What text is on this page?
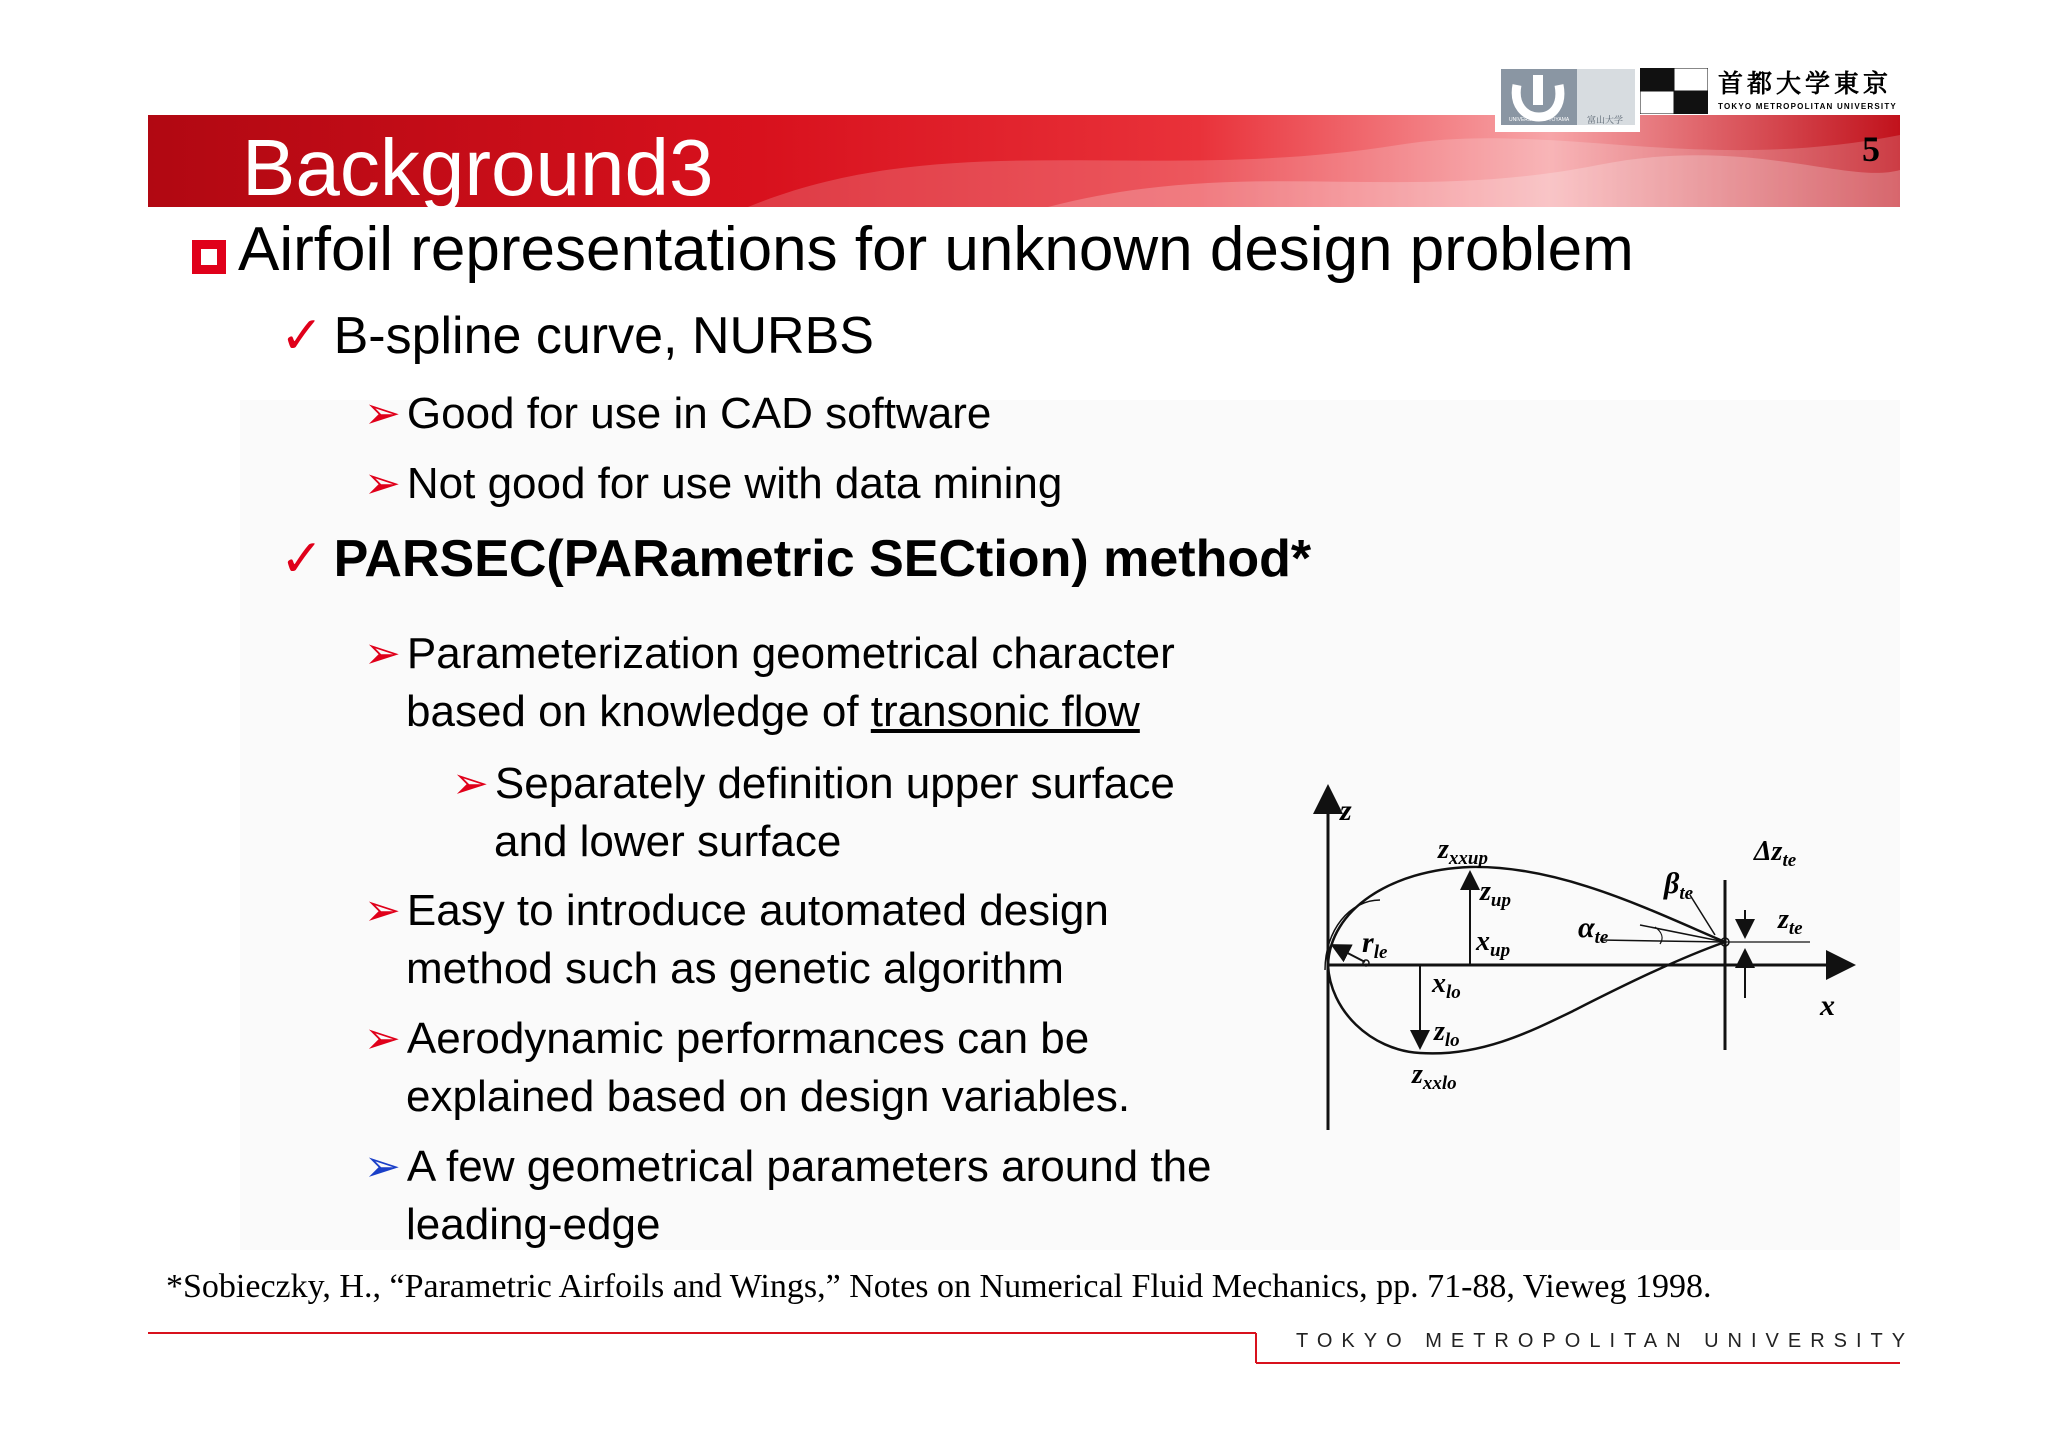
Background3	5
UNIVERSITY OF TOYAMA 富山大学
首都大学東京
TOKYO METROPOLITAN UNIVERSITY
Airfoil representations for unknown design problem
✓ B-spline curve, NURBS
➢ Good for use in CAD software
➢ Not good for use with data mining
✓ PARSEC(PARametric SECtion) method*
➢ Parameterization geometrical character
based on knowledge of transonic flow
➢ Separately definition upper surface
and lower surface
➢ Easy to introduce automated design
method such as genetic algorithm
➢ Aerodynamic performances can be
explained based on design variables.
➢ A few geometrical parameters around the
leading-edge
z
x
$z_{xxup}$
$z_{up}$
$x_{up}$
$r_{le}$
$x_{lo}$
$z_{lo}$
$z_{xxlo}$
$\alpha_{te}$
$\beta_{te}$
$\Delta z_{te}$
$z_{te}$
*Sobieczky, H., “Parametric Airfoils and Wings,” Notes on Numerical Fluid Mechanics, pp. 71-88, Vieweg 1998.
TOKYO METROPOLITAN UNIVERSITY
